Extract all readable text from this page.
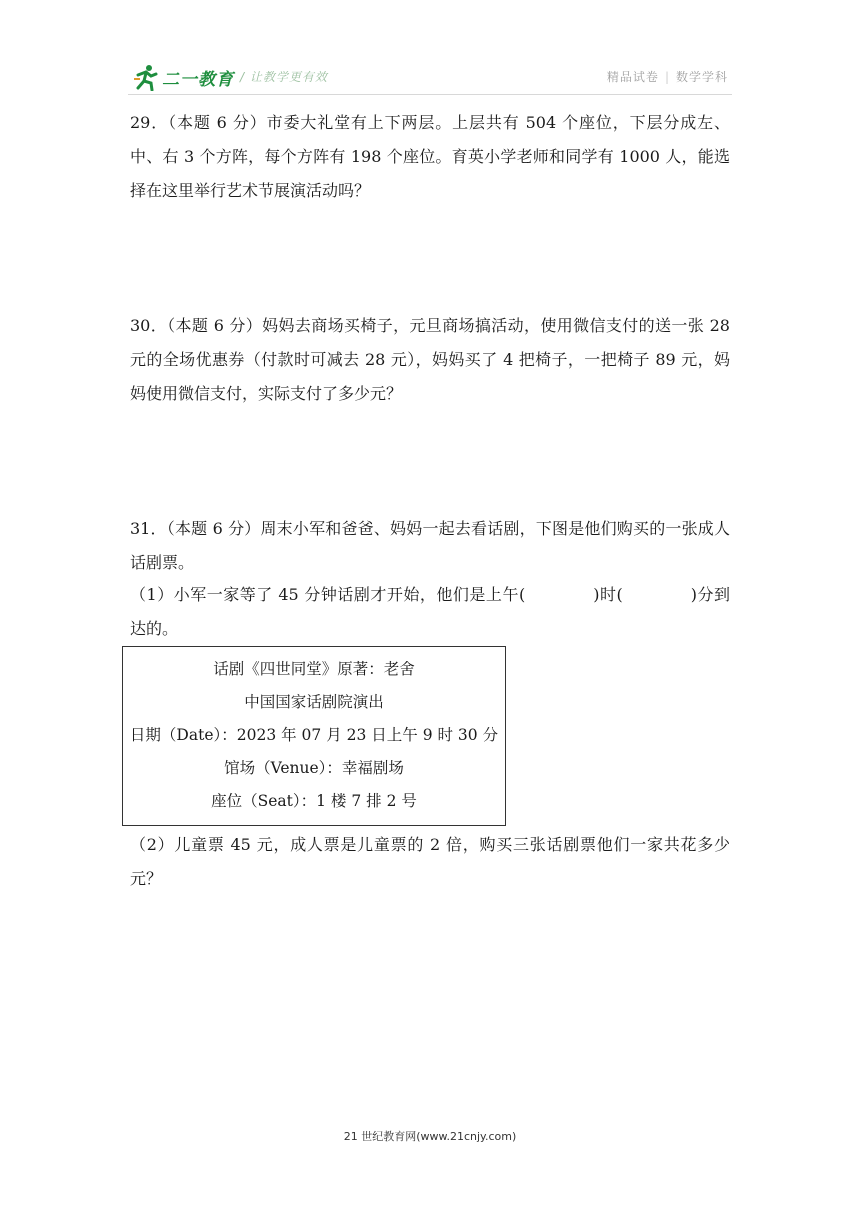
二一教育 / 让教学更有效	精品试卷 | 数学学科
29．（本题 6 分）市委大礼堂有上下两层。上层共有 504 个座位，下层分成左、中、右 3 个方阵，每个方阵有 198 个座位。育英小学老师和同学有 1000 人，能选择在这里举行艺术节展演活动吗？
30．（本题 6 分）妈妈去商场买椅子，元旦商场搞活动，使用微信支付的送一张 28 元的全场优惠券（付款时可减去 28 元），妈妈买了 4 把椅子，一把椅子 89 元，妈妈使用微信支付，实际支付了多少元？
31．（本题 6 分）周末小军和爸爸、妈妈一起去看话剧，下图是他们购买的一张成人话剧票。
（1）小军一家等了 45 分钟话剧才开始，他们是上午(	)时(	)分到达的。
话剧《四世同堂》原著：老舍
中国国家话剧院演出
日期（Date）：2023 年 07 月 23 日上午 9 时 30 分
馆场（Venue）：幸福剧场
座位（Seat）：1 楼 7 排 2 号
（2）儿童票 45 元，成人票是儿童票的 2 倍，购买三张话剧票他们一家共花多少元？
21 世纪教育网(www.21cnjy.com)
